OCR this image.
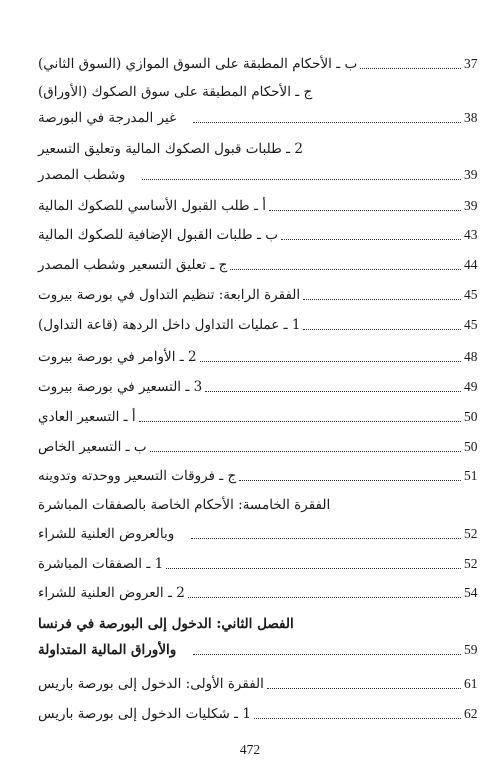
ب ـ الأحكام المطبقة على السوق الموازي (السوق الثاني)	37
ج ـ الأحكام المطبقة على سوق الصكوك (الأوراق)
غير المدرجة في البورصة	38
2 ـ طلبات قبول الصكوك المالية وتعليق التسعير
وشطب المصدر	39
أ ـ طلب القبول الأساسي للصكوك المالية	39
ب ـ طلبات القبول الإضافية للصكوك المالية	43
ج ـ تعليق التسعير وشطب المصدر	44
الفقرة الرابعة: تنظيم التداول في بورصة بيروت	45
1 ـ عمليات التداول داخل الردهة (قاعة التداول)	45
2 ـ الأوامر في بورصة بيروت	48
3 ـ التسعير في بورصة بيروت	49
أ ـ التسعير العادي	50
ب ـ التسعير الخاص	50
ج ـ فروقات التسعير ووحدته وتدوينه	51
الفقرة الخامسة: الأحكام الخاصة بالصفقات المباشرة
وبالعروض العلنية للشراء	52
1 ـ الصفقات المباشرة	52
2 ـ العروض العلنية للشراء	54
الفصل الثاني: الدخول إلى البورصة في فرنسا
والأوراق المالية المتداولة	59
الفقرة الأولى: الدخول إلى بورصة باريس	61
1 ـ شكليات الدخول إلى بورصة باريس	62
472
